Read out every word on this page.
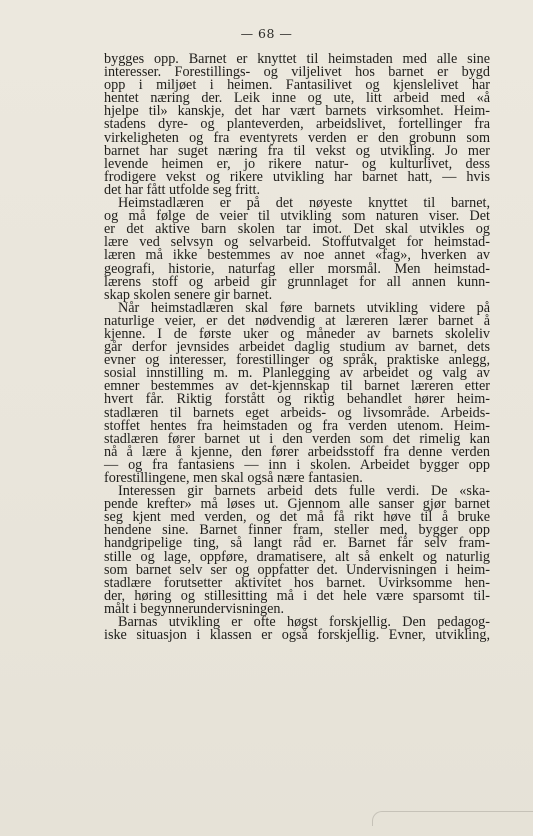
— 68 —
bygges opp. Barnet er knyttet til heimstaden med alle sine
interesser. Forestillings- og viljelivet hos barnet er bygd
opp i miljøet i heimen. Fantasilivet og kjenslelivet har
hentet næring der. Leik inne og ute, litt arbeid med «å
hjelpe til» kanskje, det har vært barnets virksomhet. Heim-
stadens dyre- og planteverden, arbeidslivet, fortellinger fra
virkeligheten og fra eventyrets verden er den grobunn som
barnet har suget næring fra til vekst og utvikling. Jo mer
levende heimen er, jo rikere natur- og kulturlivet, dess
frodigere vekst og rikere utvikling har barnet hatt, — hvis
det har fått utfolde seg fritt.
Heimstadlæren er på det nøyeste knyttet til barnet,
og må følge de veier til utvikling som naturen viser. Det
er det aktive barn skolen tar imot. Det skal utvikles og
lære ved selvsyn og selvarbeid. Stoffutvalget for heimstad-
læren må ikke bestemmes av noe annet «fag», hverken av
geografi, historie, naturfag eller morsmål. Men heimstad-
lærens stoff og arbeid gir grunnlaget for all annen kunn-
skap skolen senere gir barnet.
Når heimstadlæren skal føre barnets utvikling videre på
naturlige veier, er det nødvendig at læreren lærer barnet å
kjenne. I de første uker og måneder av barnets skoleliv
går derfor jevnsides arbeidet daglig studium av barnet, dets
evner og interesser, forestillinger og språk, praktiske anlegg,
sosial innstilling m. m. Planlegging av arbeidet og valg av
emner bestemmes av det-kjennskap til barnet læreren etter
hvert får. Riktig forstått og riktig behandlet hører heim-
stadlæren til barnets eget arbeids- og livsområde. Arbeids-
stoffet hentes fra heimstaden og fra verden utenom. Heim-
stadlæren fører barnet ut i den verden som det rimelig kan
nå å lære å kjenne, den fører arbeidsstoff fra denne verden
— og fra fantasiens — inn i skolen. Arbeidet bygger opp
forestillingene, men skal også nære fantasien.
Interessen gir barnets arbeid dets fulle verdi. De «ska-
pende krefter» må løses ut. Gjennom alle sanser gjør barnet
seg kjent med verden, og det må få rikt høve til å bruke
hendene sine. Barnet finner fram, steller med, bygger opp
handgripelige ting, så langt råd er. Barnet får selv fram-
stille og lage, oppføre, dramatisere, alt så enkelt og naturlig
som barnet selv ser og oppfatter det. Undervisningen i heim-
stadlære forutsetter aktivitet hos barnet. Uvirksomme hen-
der, høring og stillesitting må i det hele være sparsomt til-
målt i begynnerundervisningen.
Barnas utvikling er ofte høgst forskjellig. Den pedagog-
iske situasjon i klassen er også forskjellig. Evner, utvikling,
